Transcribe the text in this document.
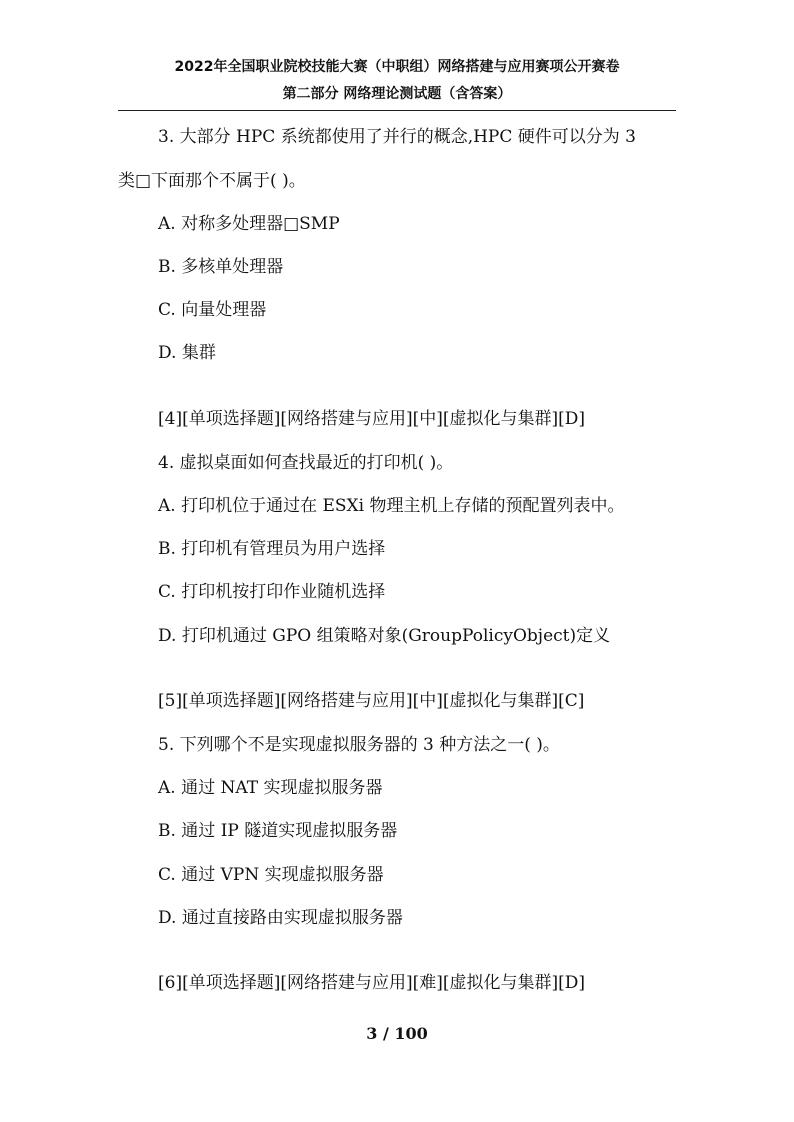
2022年全国职业院校技能大赛（中职组）网络搭建与应用赛项公开赛卷
第二部分 网络理论测试题（含答案）
3. 大部分 HPC 系统都使用了并行的概念,HPC 硬件可以分为 3
类□下面那个不属于( )。
A. 对称多处理器□SMP
B. 多核单处理器
C. 向量处理器
D. 集群
[4][单项选择题][网络搭建与应用][中][虚拟化与集群][D]
4. 虚拟桌面如何查找最近的打印机( )。
A. 打印机位于通过在 ESXi 物理主机上存储的预配置列表中。
B. 打印机有管理员为用户选择
C. 打印机按打印作业随机选择
D. 打印机通过 GPO 组策略对象(GroupPolicyObject)定义
[5][单项选择题][网络搭建与应用][中][虚拟化与集群][C]
5. 下列哪个不是实现虚拟服务器的 3 种方法之一( )。
A. 通过 NAT 实现虚拟服务器
B. 通过 IP 隧道实现虚拟服务器
C. 通过 VPN 实现虚拟服务器
D. 通过直接路由实现虚拟服务器
[6][单项选择题][网络搭建与应用][难][虚拟化与集群][D]
3 / 100
